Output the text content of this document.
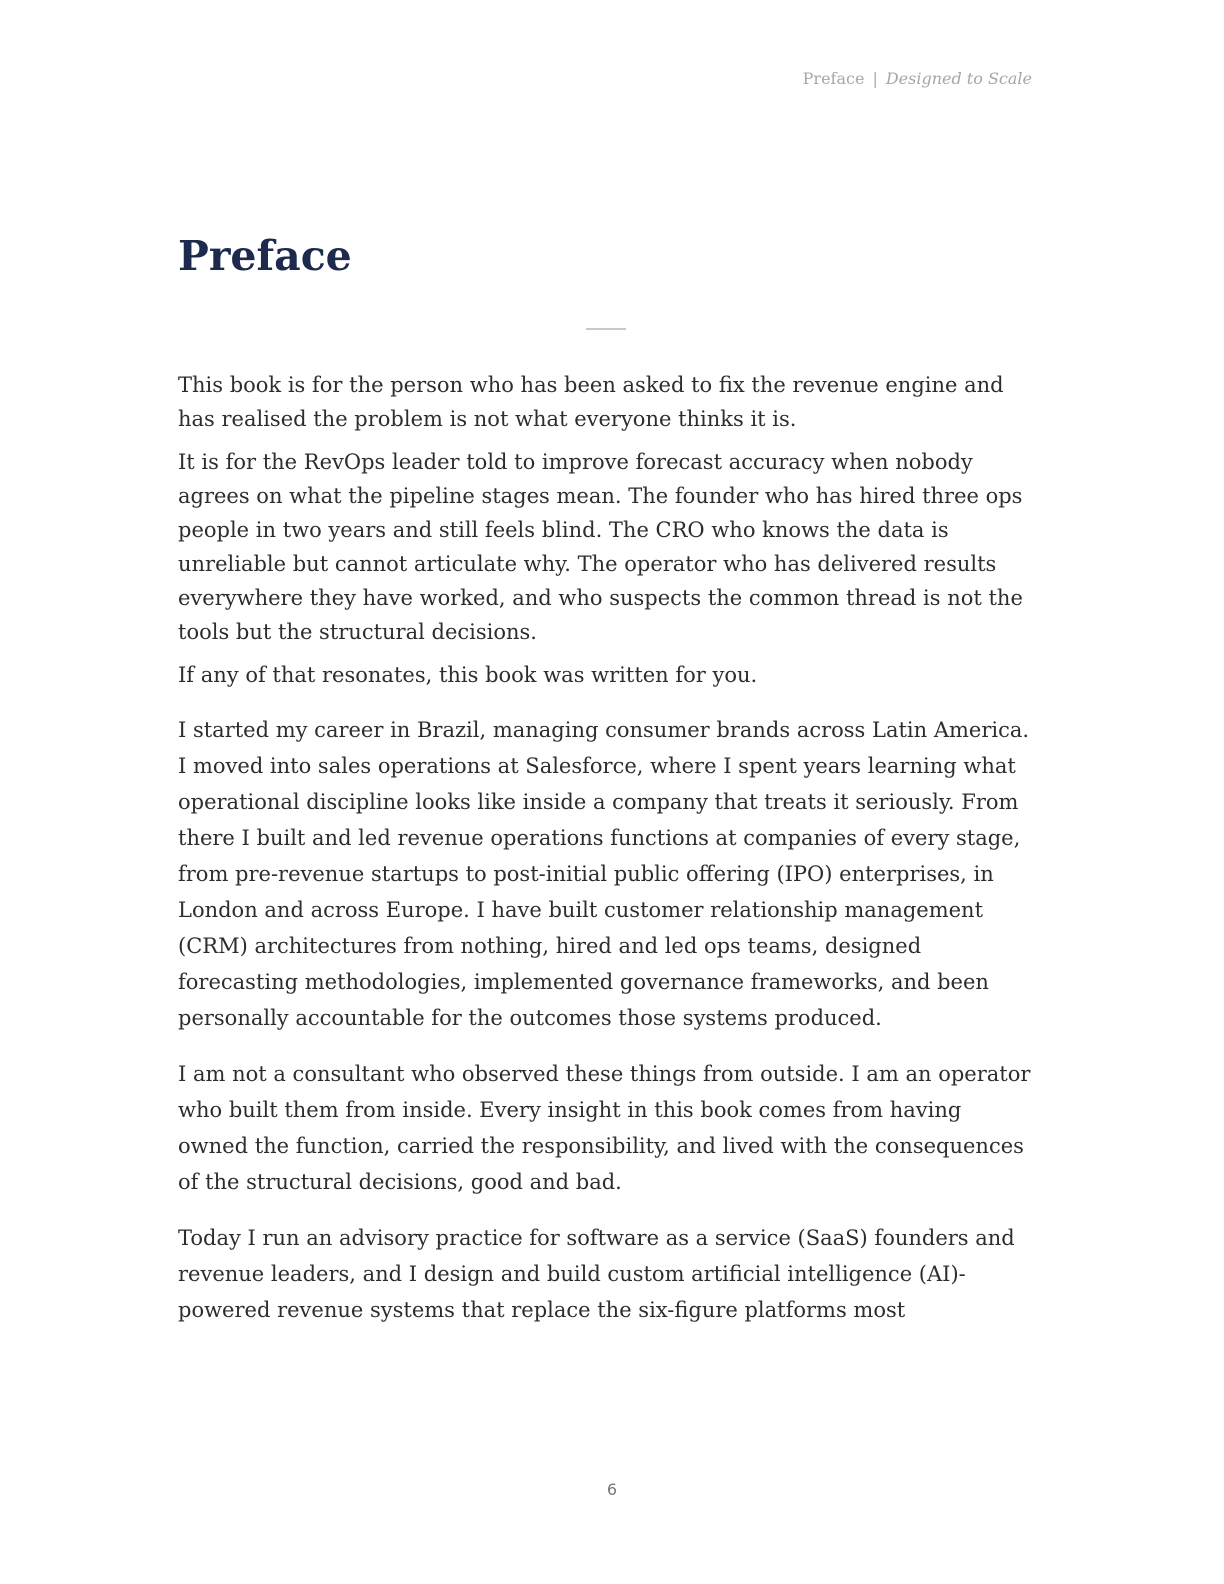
Preface | Designed to Scale
Preface

This book is for the person who has been asked to fix the revenue engine and has realised the problem is not what everyone thinks it is.

It is for the RevOps leader told to improve forecast accuracy when nobody agrees on what the pipeline stages mean. The founder who has hired three ops people in two years and still feels blind. The CRO who knows the data is unreliable but cannot articulate why. The operator who has delivered results everywhere they have worked, and who suspects the common thread is not the tools but the structural decisions.

If any of that resonates, this book was written for you.

I started my career in Brazil, managing consumer brands across Latin America. I moved into sales operations at Salesforce, where I spent years learning what operational discipline looks like inside a company that treats it seriously. From there I built and led revenue operations functions at companies of every stage, from pre-revenue startups to post-initial public offering (IPO) enterprises, in London and across Europe. I have built customer relationship management (CRM) architectures from nothing, hired and led ops teams, designed forecasting methodologies, implemented governance frameworks, and been personally accountable for the outcomes those systems produced.

I am not a consultant who observed these things from outside. I am an operator who built them from inside. Every insight in this book comes from having owned the function, carried the responsibility, and lived with the consequences of the structural decisions, good and bad.

Today I run an advisory practice for software as a service (SaaS) founders and revenue leaders, and I design and build custom artificial intelligence (AI)-powered revenue systems that replace the six-figure platforms most

6
